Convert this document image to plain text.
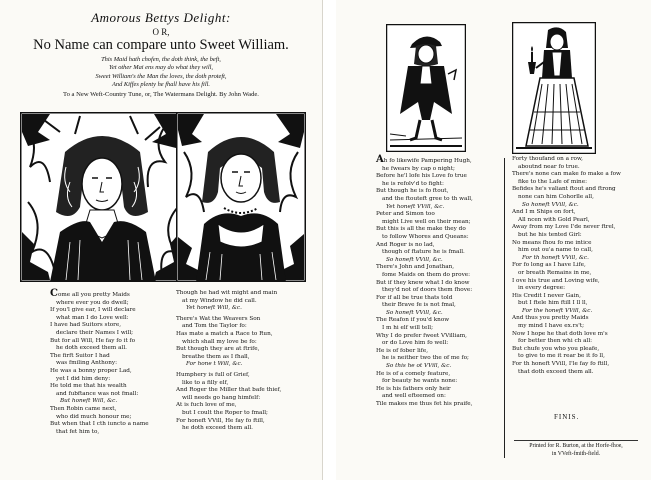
Amorous Bettys Delight:
O R,
No Name can compare unto Sweet William.
This Maid hath chofen, the doth think, the beft,
Yet other Mai ens may do what they will,
Sweet William's the Man the loves, the doth proteft,
And Kiffes plenty he fhall have his fill.
To a New Weft-Country Tune, or, The Watermans Delight. By John Wade.
Come all you pretty Maids
where ever you do dwell;
If you'l give ear, I will declare
what man I do Love well:
I have had Suitors store,
declare their Names I will;
But for all Will, He fay fo it fo
he doth exceed them all.
The firft Suitor I had
was fmiling Anthony:
He was a bonny proper Lad,
yet I did him deny:
He told me that his wealth
and fubftance was not fmall:
But honeft Will, &c.
Then Robin came next,
who did much honour me;
But when that I cth iuncto a name
that fet him to,
Though he had wit might and main
at my Window he did call.
Yet honeft Will, &c.
There's Wat the Weavers Son
and Tom the Taylor fo:
Has mate a match a Race to Run,
which shall my love be fo:
But though they are at ftrife,
breathe them as I fhall,
For hone t Will, &c.
Humphery is full of Grief,
like to a filly elf,
And Roger the Miller that bafe thief,
will needs go hang himfelf:
At is fuch love of me,
but I coult the Roper to fmall;
For honeft VVill, He fay fo ftill,
he doth exceed them all.
Ah fo likewife Pampering Hugh,
he fwears by cap o night;
Before he'l lofe his Love fo true
he is refolv'd to fight:
But though he is fo ftout,
and the ftouteft gree to th wall,
Yet honeft VVill, &c.
Peter and Simon too
might Live well on their mean;
But this is all the make they do
to follow Whores and Queans:
And Roger is no lad,
though of ftature he is fmall.
So honeft VVill, &c.
There's John and Jonathan,
fome Maids on them do prove:
But if they knew what I do know
they'd not of doors them fhove:
For if all be true thats told
their Brave fe is not fmal,
So honeft VVill, &c.
The Reafon if you'd know
I m hi elf will tell;
Why I do prefer fweet VVilliam,
or do Love him fo well:
He is of fober life,
he is neither two the of me fo;
So this he ot VVill, &c.
He is of a comely feature,
for beauty he wants none:
He is his fathers only heir
and well efteemed on:
Tile makes me thus fet his praife,
Forty thoufand on a row,
aboutnd near fo true.
There's none can make fo make a fow
fike to the Lafe of mine:
Befides he's valiant ftout and ftrong
none can him Cohorlle all,
So honeft VVill, &c.
And I m Ships on fort,
All ncen with Gold Pearl,
Away from my Love I'de never ftrel,
but he his tented Girl:
No means fhou fo me intice
him out ou'a name to call,
For th honeft VVill, &c.
For fo long as I have Life,
or breath Remains in me,
I ove his true and Loving wife,
in every degree:
His Credit I never Gain,
but I ftele him ftill I ll ll,
For the honeft VVill, &c.
And thus you pretty Maids
my mind I have ex.rs't;
Now I hope he that doth love m's
for better then whi ch all:
But chufe you who you pleafe,
to give to me it rear be it fo ll,
For th honeft VVill, I'le fay fo ftill,
that doth exceed them all.
FINIS.
Printed for R. Burton, at the Horfe-fhoe,
in VVeft-fmith-field.
